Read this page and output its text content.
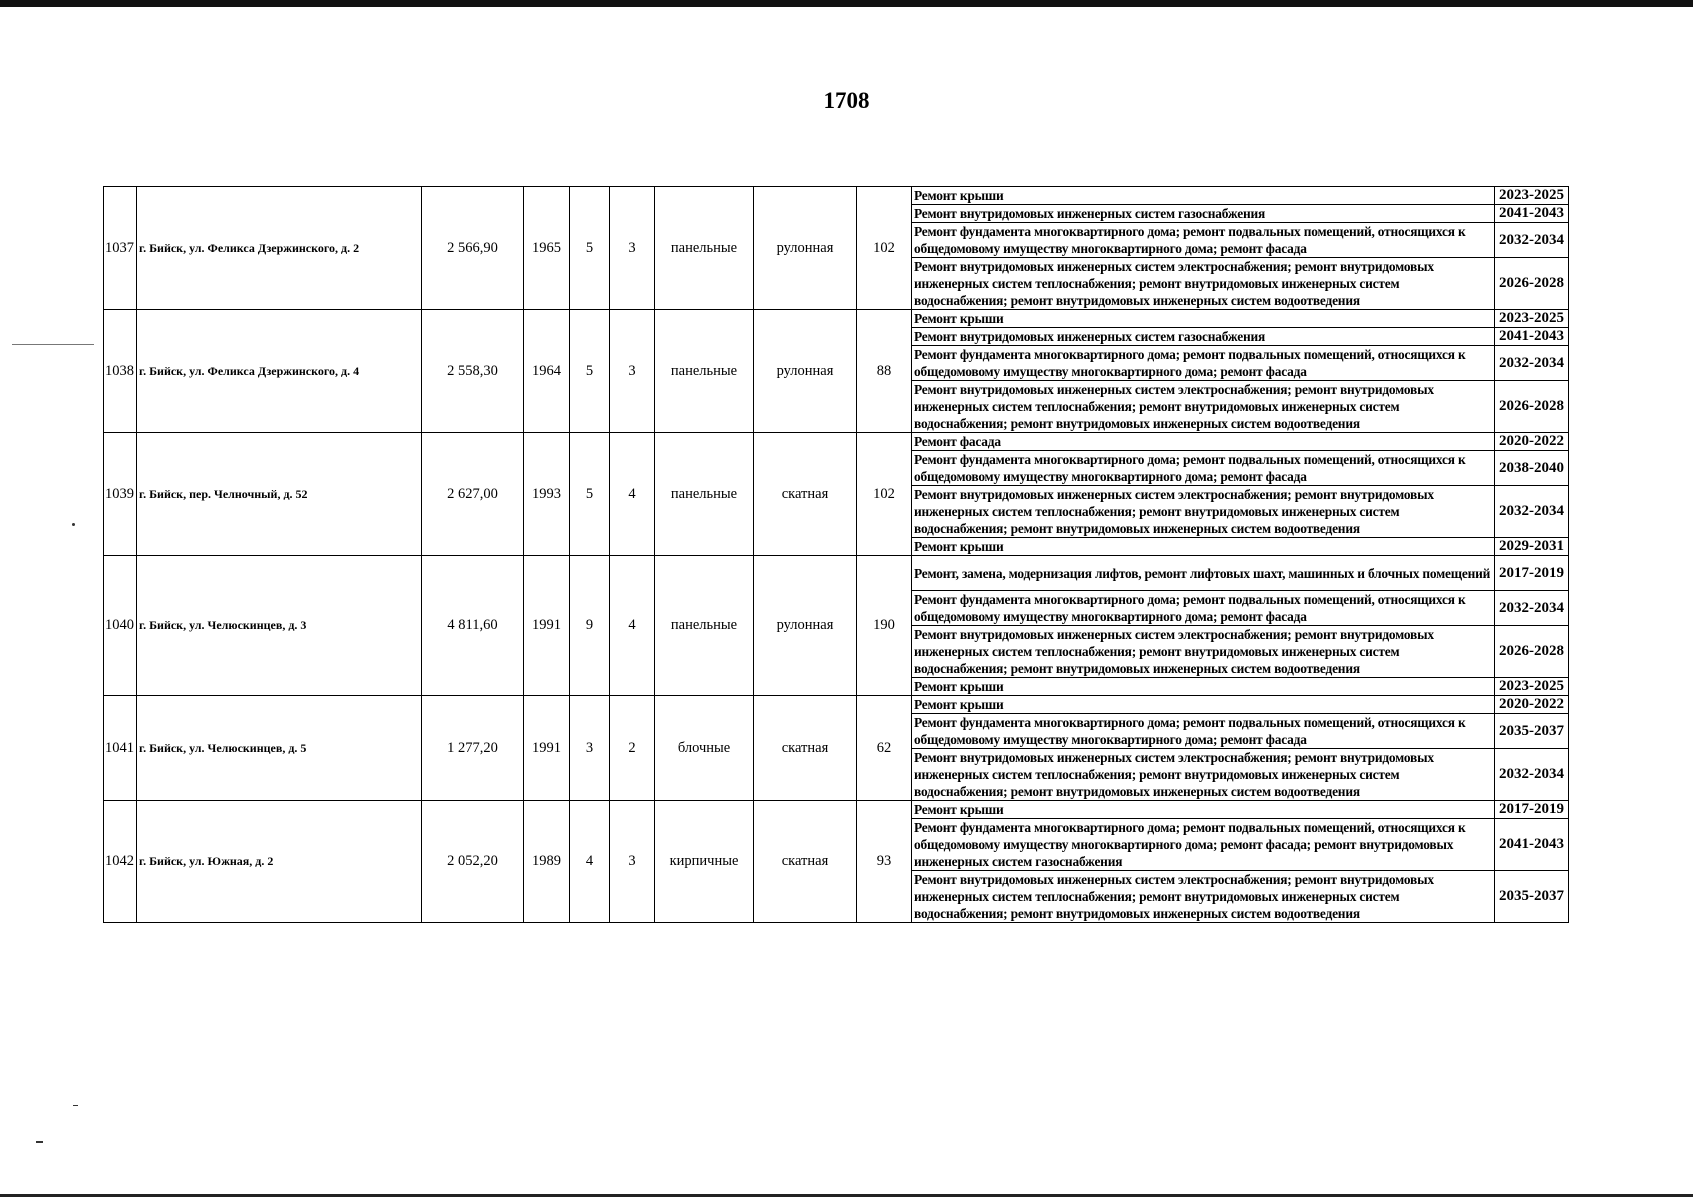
1708
1037	г. Бийск, ул. Феликса Дзержинского, д. 2	2 566,90	1965	5	3	панельные	рулонная	102	Ремонт крыши	2023-2025
									Ремонт внутридомовых инженерных систем газоснабжения	2041-2043
									Ремонт фундамента многоквартирного дома; ремонт подвальных помещений, относящихся к общедомовому имуществу многоквартирного дома; ремонт фасада	2032-2034
									Ремонт внутридомовых инженерных систем электроснабжения; ремонт внутридомовых инженерных систем теплоснабжения; ремонт внутридомовых инженерных систем водоснабжения; ремонт внутридомовых инженерных систем водоотведения	2026-2028
1038	г. Бийск, ул. Феликса Дзержинского, д. 4	2 558,30	1964	5	3	панельные	рулонная	88	Ремонт крыши	2023-2025
									Ремонт внутридомовых инженерных систем газоснабжения	2041-2043
									Ремонт фундамента многоквартирного дома; ремонт подвальных помещений, относящихся к общедомовому имуществу многоквартирного дома; ремонт фасада	2032-2034
									Ремонт внутридомовых инженерных систем электроснабжения; ремонт внутридомовых инженерных систем теплоснабжения; ремонт внутридомовых инженерных систем водоснабжения; ремонт внутридомовых инженерных систем водоотведения	2026-2028
1039	г. Бийск, пер. Челночный, д. 52	2 627,00	1993	5	4	панельные	скатная	102	Ремонт фасада	2020-2022
									Ремонт фундамента многоквартирного дома; ремонт подвальных помещений, относящихся к общедомовому имуществу многоквартирного дома; ремонт фасада	2038-2040
									Ремонт внутридомовых инженерных систем электроснабжения; ремонт внутридомовых инженерных систем теплоснабжения; ремонт внутридомовых инженерных систем водоснабжения; ремонт внутридомовых инженерных систем водоотведения	2032-2034
									Ремонт крыши	2029-2031
1040	г. Бийск, ул. Челюскинцев, д. 3	4 811,60	1991	9	4	панельные	рулонная	190	Ремонт, замена, модернизация лифтов, ремонт лифтовых шахт, машинных и блочных помещений	2017-2019
									Ремонт фундамента многоквартирного дома; ремонт подвальных помещений, относящихся к общедомовому имуществу многоквартирного дома; ремонт фасада	2032-2034
									Ремонт внутридомовых инженерных систем электроснабжения; ремонт внутридомовых инженерных систем теплоснабжения; ремонт внутридомовых инженерных систем водоснабжения; ремонт внутридомовых инженерных систем водоотведения	2026-2028
									Ремонт крыши	2023-2025
1041	г. Бийск, ул. Челюскинцев, д. 5	1 277,20	1991	3	2	блочные	скатная	62	Ремонт крыши	2020-2022
									Ремонт фундамента многоквартирного дома; ремонт подвальных помещений, относящихся к общедомовому имуществу многоквартирного дома; ремонт фасада	2035-2037
									Ремонт внутридомовых инженерных систем электроснабжения; ремонт внутридомовых инженерных систем теплоснабжения; ремонт внутридомовых инженерных систем водоснабжения; ремонт внутридомовых инженерных систем водоотведения	2032-2034
1042	г. Бийск, ул. Южная, д. 2	2 052,20	1989	4	3	кирпичные	скатная	93	Ремонт крыши	2017-2019
									Ремонт фундамента многоквартирного дома; ремонт подвальных помещений, относящихся к общедомовому имуществу многоквартирного дома; ремонт фасада; ремонт внутридомовых инженерных систем газоснабжения	2041-2043
									Ремонт внутридомовых инженерных систем электроснабжения; ремонт внутридомовых инженерных систем теплоснабжения; ремонт внутридомовых инженерных систем водоснабжения; ремонт внутридомовых инженерных систем водоотведения	2035-2037
